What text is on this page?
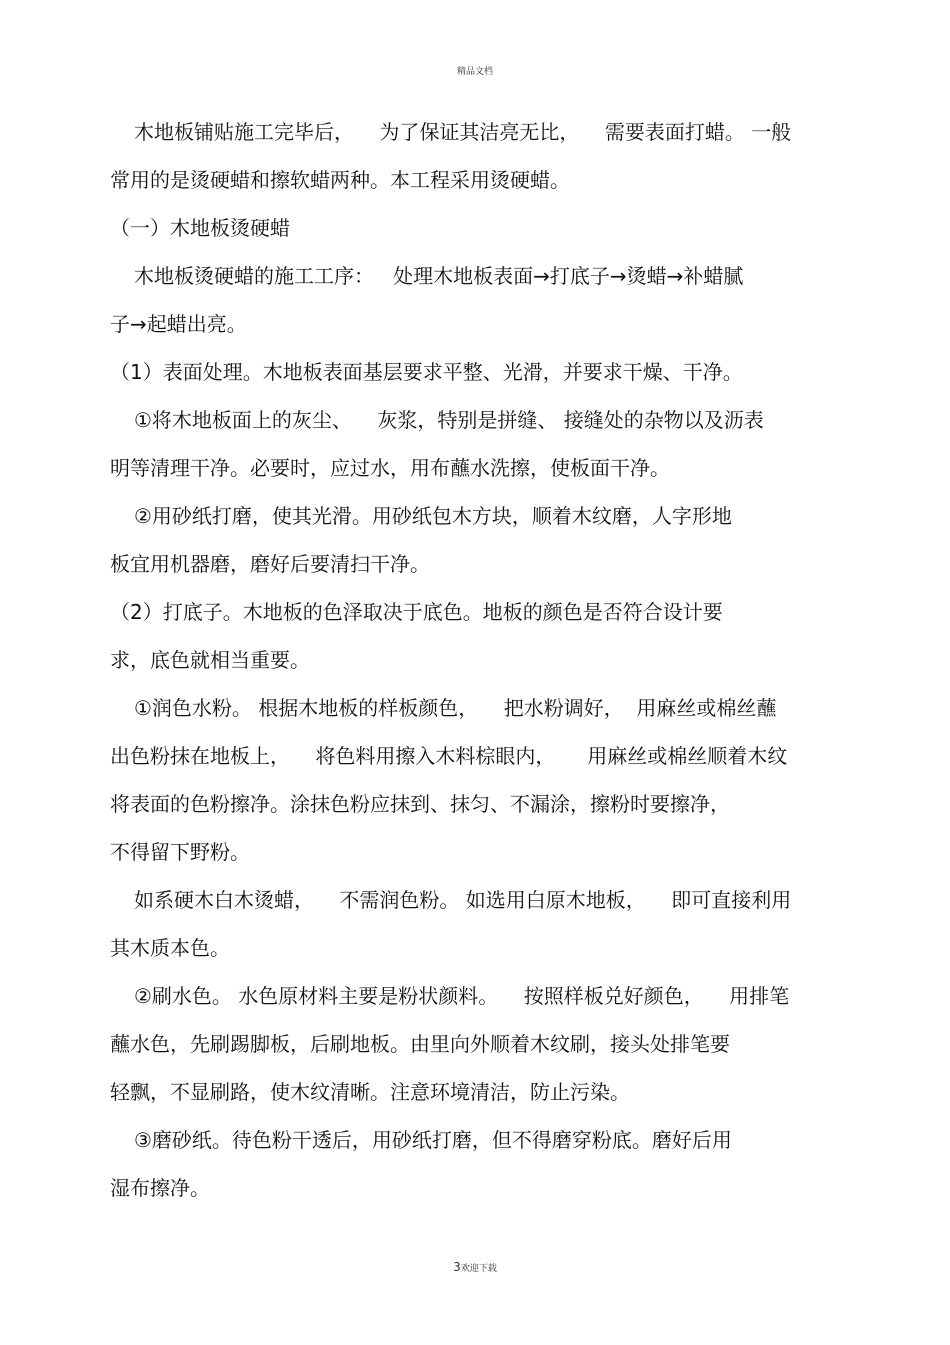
精品文档
木地板铺贴施工完毕后，    为了保证其洁亮无比，    需要表面打蜡。 一般
常用的是烫硬蜡和擦软蜡两种。本工程采用烫硬蜡。
（一）木地板烫硬蜡
木地板烫硬蜡的施工工序：   处理木地板表面→打底子→烫蜡→补蜡腻
子→起蜡出亮。
（1）表面处理。木地板表面基层要求平整、光滑，并要求干燥、干净。
①将木地板面上的灰尘、    灰浆，特别是拼缝、 接缝处的杂物以及沥表
明等清理干净。必要时，应过水，用布蘸水洗擦，使板面干净。
②用砂纸打磨，使其光滑。用砂纸包木方块，顺着木纹磨，人字形地
板宜用机器磨，磨好后要清扫干净。
（2）打底子。木地板的色泽取决于底色。地板的颜色是否符合设计要
求，底色就相当重要。
①润色水粉。 根据木地板的样板颜色，    把水粉调好，  用麻丝或棉丝蘸
出色粉抹在地板上，    将色料用擦入木料棕眼内，     用麻丝或棉丝顺着木纹
将表面的色粉擦净。涂抹色粉应抹到、抹匀、不漏涂，擦粉时要擦净，
不得留下野粉。
如系硬木白木烫蜡，    不需润色粉。 如选用白原木地板，    即可直接利用
其木质本色。
②刷水色。 水色原材料主要是粉状颜料。    按照样板兑好颜色，    用排笔
蘸水色，先刷踢脚板，后刷地板。由里向外顺着木纹刷，接头处排笔要
轻飘，不显刷路，使木纹清晰。注意环境清洁，防止污染。
③磨砂纸。待色粉干透后，用砂纸打磨，但不得磨穿粉底。磨好后用
湿布擦净。
3欢迎下载
